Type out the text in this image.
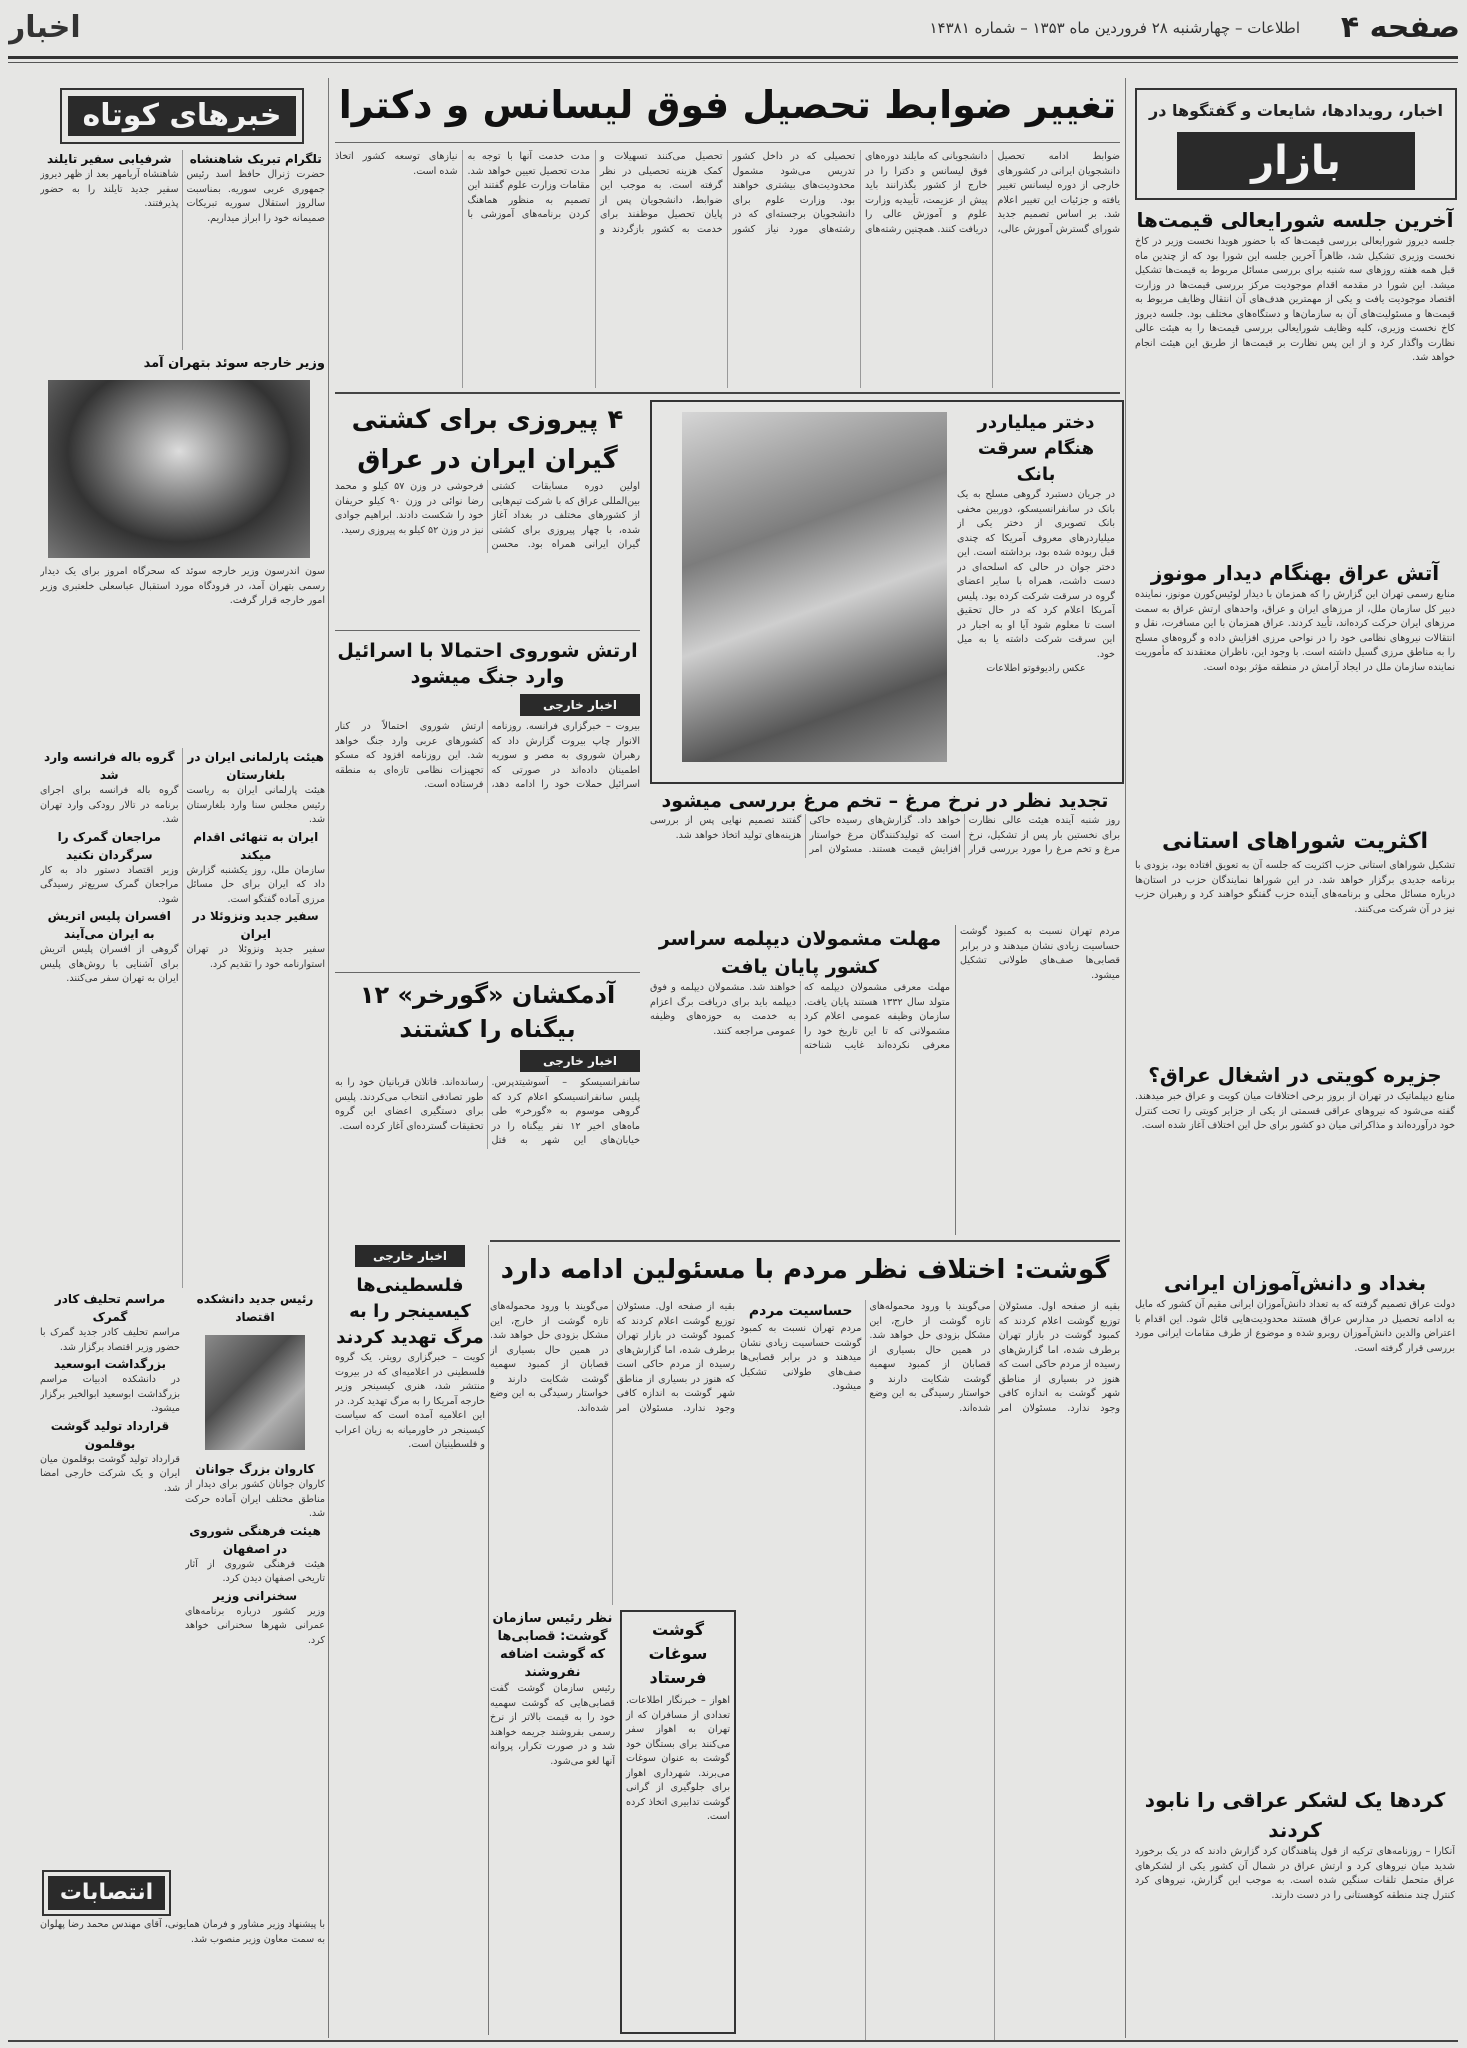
اخبار	اطلاعات – چهارشنبه ۲۸ فروردین ماه ۱۳۵۳ – شماره ۱۴۳۸۱	صفحه ۴
اخبار، رویدادها، شایعات و گفتگوها در
بازار
آخرین جلسه شورایعالی قیمت‌ها

جلسه دیروز شورایعالی بررسی قیمت‌ها که با حضور هویدا نخست وزیر در کاخ نخست وزیری تشکیل شد، ظاهراً آخرین جلسه این شورا بود که از چندین ماه قبل همه هفته روزهای سه شنبه برای بررسی مسائل مربوط به قیمت‌ها تشکیل میشد. این شورا در مقدمه اقدام موجودیت مرکز بررسی قیمت‌ها در وزارت اقتصاد موجودیت یافت و یکی از مهمترین هدف‌های آن انتقال وظایف مربوط به قیمت‌ها و مسئولیت‌های آن به سازمان‌ها و دستگاه‌های مختلف بود. جلسه دیروز کاخ نخست وزیری، کلیه وظایف شورایعالی بررسی قیمت‌ها را به هیئت عالی نظارت واگذار کرد و از این پس نظارت بر قیمت‌ها از طریق این هیئت انجام خواهد شد.

آتش عراق بهنگام دیدار مونوز

منابع رسمی تهران این گزارش را که همزمان با دیدار لوئیس‌کورن مونوز، نماینده دبیر کل سازمان ملل، از مرزهای ایران و عراق، واحدهای ارتش عراق به سمت مرزهای ایران حرکت کرده‌اند، تأیید کردند. عراق همزمان با این مسافرت، نقل و انتقالات نیروهای نظامی خود را در نواحی مرزی افزایش داده و گروه‌های مسلح را به مناطق مرزی گسیل داشته است. با وجود این، ناظران معتقدند که مأموریت نماینده سازمان ملل در ایجاد آرامش در منطقه مؤثر بوده است.

اکثریت شوراهای استانی

تشکیل شوراهای استانی حزب اکثریت که جلسه آن به تعویق افتاده بود، بزودی با برنامه جدیدی برگزار خواهد شد. در این شوراها نمایندگان حزب در استان‌ها درباره مسائل محلی و برنامه‌های آینده حزب گفتگو خواهند کرد و رهبران حزب نیز در آن شرکت می‌کنند.

جزیره کویتی در اشغال عراق؟

منابع دیپلماتیک در تهران از بروز برخی اختلافات میان کویت و عراق خبر میدهند. گفته می‌شود که نیروهای عراقی قسمتی از یکی از جزایر کویتی را تحت کنترل خود درآورده‌اند و مذاکراتی میان دو کشور برای حل این اختلاف آغاز شده است.

بغداد و دانش‌آموزان ایرانی

دولت عراق تصمیم گرفته که به تعداد دانش‌آموزان ایرانی مقیم آن کشور که مایل به ادامه تحصیل در مدارس عراق هستند محدودیت‌هایی قائل شود. این اقدام با اعتراض والدین دانش‌آموزان روبرو شده و موضوع از طرف مقامات ایرانی مورد بررسی قرار گرفته است.

کردها یک لشکر عراقی را نابود کردند

آنکارا – روزنامه‌های ترکیه از قول پناهندگان کرد گزارش دادند که در یک برخورد شدید میان نیروهای کرد و ارتش عراق در شمال آن کشور یکی از لشکرهای عراق متحمل تلفات سنگین شده است. به موجب این گزارش، نیروهای کرد کنترل چند منطقه کوهستانی را در دست دارند.

تغییر ضوابط تحصیل فوق لیسانس و دکترا

ضوابط ادامه تحصیل دانشجویان ایرانی در کشورهای خارجی از دوره لیسانس تغییر یافته و جزئیات این تغییر اعلام شد. بر اساس تصمیم جدید شورای گسترش آموزش عالی، دانشجویانی که مایلند دوره‌های فوق لیسانس و دکترا را در خارج از کشور بگذرانند باید پیش از عزیمت، تأییدیه وزارت علوم و آموزش عالی را دریافت کنند. همچنین رشته‌های تحصیلی که در داخل کشور تدریس می‌شود مشمول محدودیت‌های بیشتری خواهند بود. وزارت علوم برای دانشجویان برجسته‌ای که در رشته‌های مورد نیاز کشور تحصیل می‌کنند تسهیلات و کمک هزینه تحصیلی در نظر گرفته است. به موجب این ضوابط، دانشجویان پس از پایان تحصیل موظفند برای خدمت به کشور بازگردند و مدت خدمت آنها با توجه به مدت تحصیل تعیین خواهد شد. مقامات وزارت علوم گفتند این تصمیم به منظور هماهنگ کردن برنامه‌های آموزشی با نیازهای توسعه کشور اتخاذ شده است.

دختر میلیاردر هنگام سرقت بانک

در جریان دستبرد گروهی مسلح به یک بانک در سانفرانسیسکو، دوربین مخفی بانک تصویری از دختر یکی از میلیاردرهای معروف آمریکا که چندی قبل ربوده شده بود، برداشته است. این دختر جوان در حالی که اسلحه‌ای در دست داشت، همراه با سایر اعضای گروه در سرقت شرکت کرده بود. پلیس آمریکا اعلام کرد که در حال تحقیق است تا معلوم شود آیا او به اجبار در این سرقت شرکت داشته یا به میل خود.

عکس رادیوفوتو اطلاعات

۴ پیروزی برای کشتی گیران ایران در عراق

اولین دوره مسابقات کشتی بین‌المللی عراق که با شرکت تیم‌هایی از کشورهای مختلف در بغداد آغاز شده، با چهار پیروزی برای کشتی گیران ایرانی همراه بود. محسن فرحوشی در وزن ۵۷ کیلو و محمد رضا نوائی در وزن ۹۰ کیلو حریفان خود را شکست دادند. ابراهیم جوادی نیز در وزن ۵۲ کیلو به پیروزی رسید.

ارتش شوروی احتمالا با اسرائیل وارد جنگ میشود
اخبار خارجی

بیروت – خبرگزاری فرانسه. روزنامه الانوار چاپ بیروت گزارش داد که رهبران شوروی به مصر و سوریه اطمینان داده‌اند در صورتی که اسرائیل حملات خود را ادامه دهد، ارتش شوروی احتمالاً در کنار کشورهای عربی وارد جنگ خواهد شد. این روزنامه افزود که مسکو تجهیزات نظامی تازه‌ای به منطقه فرستاده است.

آدمکشان «گورخر» ۱۲ بیگناه را کشتند
اخبار خارجی

سانفرانسیسکو – آسوشیتدپرس. پلیس سانفرانسیسکو اعلام کرد که گروهی موسوم به «گورخر» طی ماه‌های اخیر ۱۲ نفر بیگناه را در خیابان‌های این شهر به قتل رسانده‌اند. قاتلان قربانیان خود را به طور تصادفی انتخاب می‌کردند. پلیس برای دستگیری اعضای این گروه تحقیقات گسترده‌ای آغاز کرده است.

تجدید نظر در نرخ مرغ – تخم مرغ بررسی میشود

روز شنبه آینده هیئت عالی نظارت برای نخستین بار پس از تشکیل، نرخ مرغ و تخم مرغ را مورد بررسی قرار خواهد داد. گزارش‌های رسیده حاکی است که تولیدکنندگان مرغ خواستار افزایش قیمت هستند. مسئولان امر گفتند تصمیم نهایی پس از بررسی هزینه‌های تولید اتخاذ خواهد شد.

مهلت مشمولان دیپلمه سراسر کشور پایان یافت

مهلت معرفی مشمولان دیپلمه که متولد سال ۱۳۳۲ هستند پایان یافت. سازمان وظیفه عمومی اعلام کرد مشمولانی که تا این تاریخ خود را معرفی نکرده‌اند غایب شناخته خواهند شد. مشمولان دیپلمه و فوق دیپلمه باید برای دریافت برگ اعزام به خدمت به حوزه‌های وظیفه عمومی مراجعه کنند.

مردم تهران نسبت به کمبود گوشت حساسیت زیادی نشان میدهند و در برابر قصابی‌ها صف‌های طولانی تشکیل میشود.

گوشت: اختلاف نظر مردم با مسئولین ادامه دارد

بقیه از صفحه اول. مسئولان توزیع گوشت اعلام کردند که کمبود گوشت در بازار تهران برطرف شده، اما گزارش‌های رسیده از مردم حاکی است که هنوز در بسیاری از مناطق شهر گوشت به اندازه کافی وجود ندارد. مسئولان امر می‌گویند با ورود محموله‌های تازه گوشت از خارج، این مشکل بزودی حل خواهد شد. در همین حال بسیاری از قصابان از کمبود سهمیه گوشت شکایت دارند و خواستار رسیدگی به این وضع شده‌اند.

حساسیت مردم

مردم تهران نسبت به کمبود گوشت حساسیت زیادی نشان میدهند و در برابر قصابی‌ها صف‌های طولانی تشکیل میشود.

بقیه از صفحه اول. مسئولان توزیع گوشت اعلام کردند که کمبود گوشت در بازار تهران برطرف شده، اما گزارش‌های رسیده از مردم حاکی است که هنوز در بسیاری از مناطق شهر گوشت به اندازه کافی وجود ندارد. مسئولان امر می‌گویند با ورود محموله‌های تازه گوشت از خارج، این مشکل بزودی حل خواهد شد. در همین حال بسیاری از قصابان از کمبود سهمیه گوشت شکایت دارند و خواستار رسیدگی به این وضع شده‌اند.

گوشت سوغات فرستاد

اهواز – خبرنگار اطلاعات. تعدادی از مسافران که از تهران به اهواز سفر می‌کنند برای بستگان خود گوشت به عنوان سوغات می‌برند. شهرداری اهواز برای جلوگیری از گرانی گوشت تدابیری اتخاذ کرده است.

نظر رئیس سازمان گوشت: قصابی‌ها که گوشت اضافه نفروشند

رئیس سازمان گوشت گفت قصابی‌هایی که گوشت سهمیه خود را به قیمت بالاتر از نرخ رسمی بفروشند جریمه خواهند شد و در صورت تکرار، پروانه آنها لغو می‌شود.

اخبار خارجی
فلسطینی‌ها کیسینجر را به مرگ تهدید کردند

کویت – خبرگزاری رویتر. یک گروه فلسطینی در اعلامیه‌ای که در بیروت منتشر شد، هنری کیسینجر وزیر خارجه آمریکا را به مرگ تهدید کرد. در این اعلامیه آمده است که سیاست کیسینجر در خاورمیانه به زیان اعراب و فلسطینیان است.

خبرهای کوتاه
تلگرام تبریک شاهنشاه

حضرت ژنرال حافظ اسد رئیس جمهوری عربی سوریه. بمناسبت سالروز استقلال سوریه تبریکات صمیمانه خود را ابراز میداریم.

شرفیابی سفیر تایلند

شاهنشاه آریامهر بعد از ظهر دیروز سفیر جدید تایلند را به حضور پذیرفتند.

وزیر خارجه سوئد بتهران آمد

سون اندرسون وزیر خارجه سوئد که سحرگاه امروز برای یک دیدار رسمی بتهران آمد، در فرودگاه مورد استقبال عباسعلی خلعتبری وزیر امور خارجه قرار گرفت.

هیئت پارلمانی ایران در بلغارستان

هیئت پارلمانی ایران به ریاست رئیس مجلس سنا وارد بلغارستان شد.

ایران به تنهائی اقدام میکند

سازمان ملل، روز یکشنبه گزارش داد که ایران برای حل مسائل مرزی آماده گفتگو است.

سفیر جدید ونزوئلا در ایران

سفیر جدید ونزوئلا در تهران استوارنامه خود را تقدیم کرد.

گروه باله فرانسه وارد شد

گروه باله فرانسه برای اجرای برنامه در تالار رودکی وارد تهران شد.

مراجعان گمرک را سرگردان نکنید

وزیر اقتصاد دستور داد به کار مراجعان گمرک سریع‌تر رسیدگی شود.

افسران پلیس اتریش به ایران می‌آیند

گروهی از افسران پلیس اتریش برای آشنایی با روش‌های پلیس ایران به تهران سفر می‌کنند.

رئیس جدید دانشکده اقتصاد
مراسم تحلیف کادر گمرک

مراسم تحلیف کادر جدید گمرک با حضور وزیر اقتصاد برگزار شد.

بزرگداشت ابوسعید

در دانشکده ادبیات مراسم بزرگداشت ابوسعید ابوالخیر برگزار میشود.

قرارداد تولید گوشت بوقلمون

قرارداد تولید گوشت بوقلمون میان ایران و یک شرکت خارجی امضا شد.

کاروان بزرگ جوانان

کاروان جوانان کشور برای دیدار از مناطق مختلف ایران آماده حرکت شد.

هیئت فرهنگی شوروی در اصفهان

هیئت فرهنگی شوروی از آثار تاریخی اصفهان دیدن کرد.

سخنرانی وزیر

وزیر کشور درباره برنامه‌های عمرانی شهرها سخنرانی خواهد کرد.

انتصابات

با پیشنهاد وزیر مشاور و فرمان همایونی، آقای مهندس محمد رضا پهلوان به سمت معاون وزیر منصوب شد.
